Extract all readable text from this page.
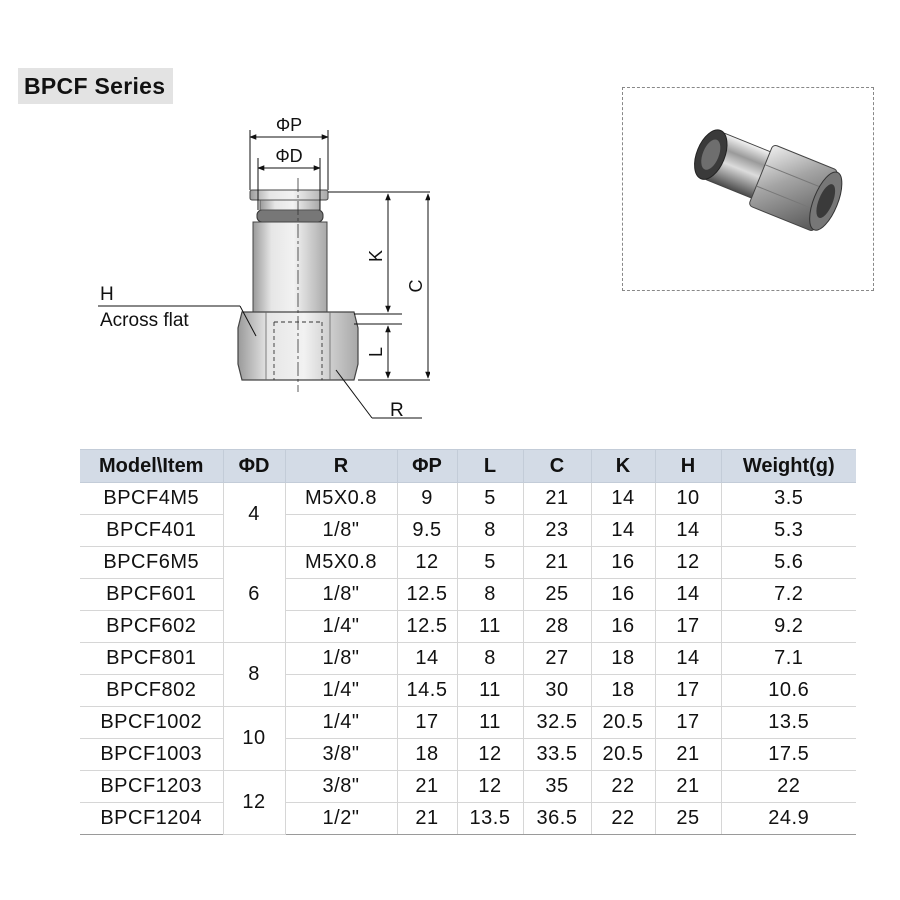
BPCF Series
ΦP
ΦD
K
C
L
H
Across flat
R
Model\Item	ΦD	R	ΦP	L	C	K	H	Weight(g)
BPCF4M5	4	M5X0.8	9	5	21	14	10	3.5
BPCF401		1/8"	9.5	8	23	14	14	5.3
BPCF6M5	6	M5X0.8	12	5	21	16	12	5.6
BPCF601		1/8"	12.5	8	25	16	14	7.2
BPCF602		1/4"	12.5	11	28	16	17	9.2
BPCF801	8	1/8"	14	8	27	18	14	7.1
BPCF802		1/4"	14.5	11	30	18	17	10.6
BPCF1002	10	1/4"	17	11	32.5	20.5	17	13.5
BPCF1003		3/8"	18	12	33.5	20.5	21	17.5
BPCF1203	12	3/8"	21	12	35	22	21	22
BPCF1204		1/2"	21	13.5	36.5	22	25	24.9
